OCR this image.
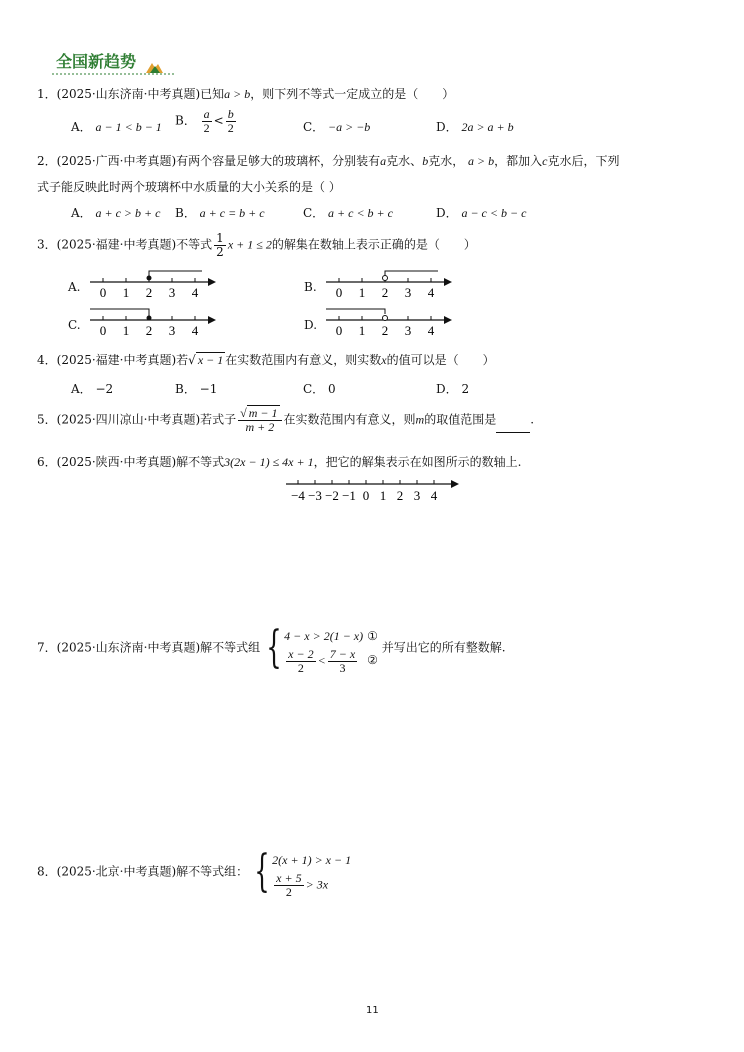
全国新趋势
1．(2025·山东济南·中考真题)已知a > b，则下列不等式一定成立的是（　　）
A． a − 1 < b − 1 B． $\frac{a}{2} < \frac{b}{2}$	C． −a > −b	D． 2a > a + b
2．(2025·广西·中考真题)有两个容量足够大的玻璃杯，分别装有a克水、b克水， a > b，都加入c克水后，下列
式子能反映此时两个玻璃杯中水质量的大小关系的是（ ）
A． a + c > b + c B． a + c = b + c	C． a + c < b + c	D． a − c < b − c
3．(2025·福建·中考真题)不等式 $\frac{1}{2}$ x + 1 ≤ 2的解集在数轴上表示正确的是（　　）
A.	B.
C.	D.
0 1 2 3 4	0 1 2 3 4
0 1 2 3 4	0 1 2 3 4
4．(2025·福建·中考真题)若√ x − 1 在实数范围内有意义，则实数x的值可以是（　　）
A． −2	B． −1	C． 0	D． 2
5．(2025·四川凉山·中考真题)若式子 $\frac{√ m - 1}{m + 2}$ 在实数范围内有意义，则m的取值范围是	.
6．(2025·陕西·中考真题)解不等式3(2x − 1) ≤ 4x + 1，把它的解集表示在如图所示的数轴上.
−4 −3 −2 −1 0 1 2 3 4
7．(2025·山东济南·中考真题)解不等式组 { 4 − x > 2(1 − x)
$\frac{x - 2}{2} < \frac{7 - x}{3}$
①
②
并写出它的所有整数解.
8．(2025·北京·中考真题)解不等式组： { 2(x + 1) > x − 1
$\frac{x + 5}{2} > 3x$
11
